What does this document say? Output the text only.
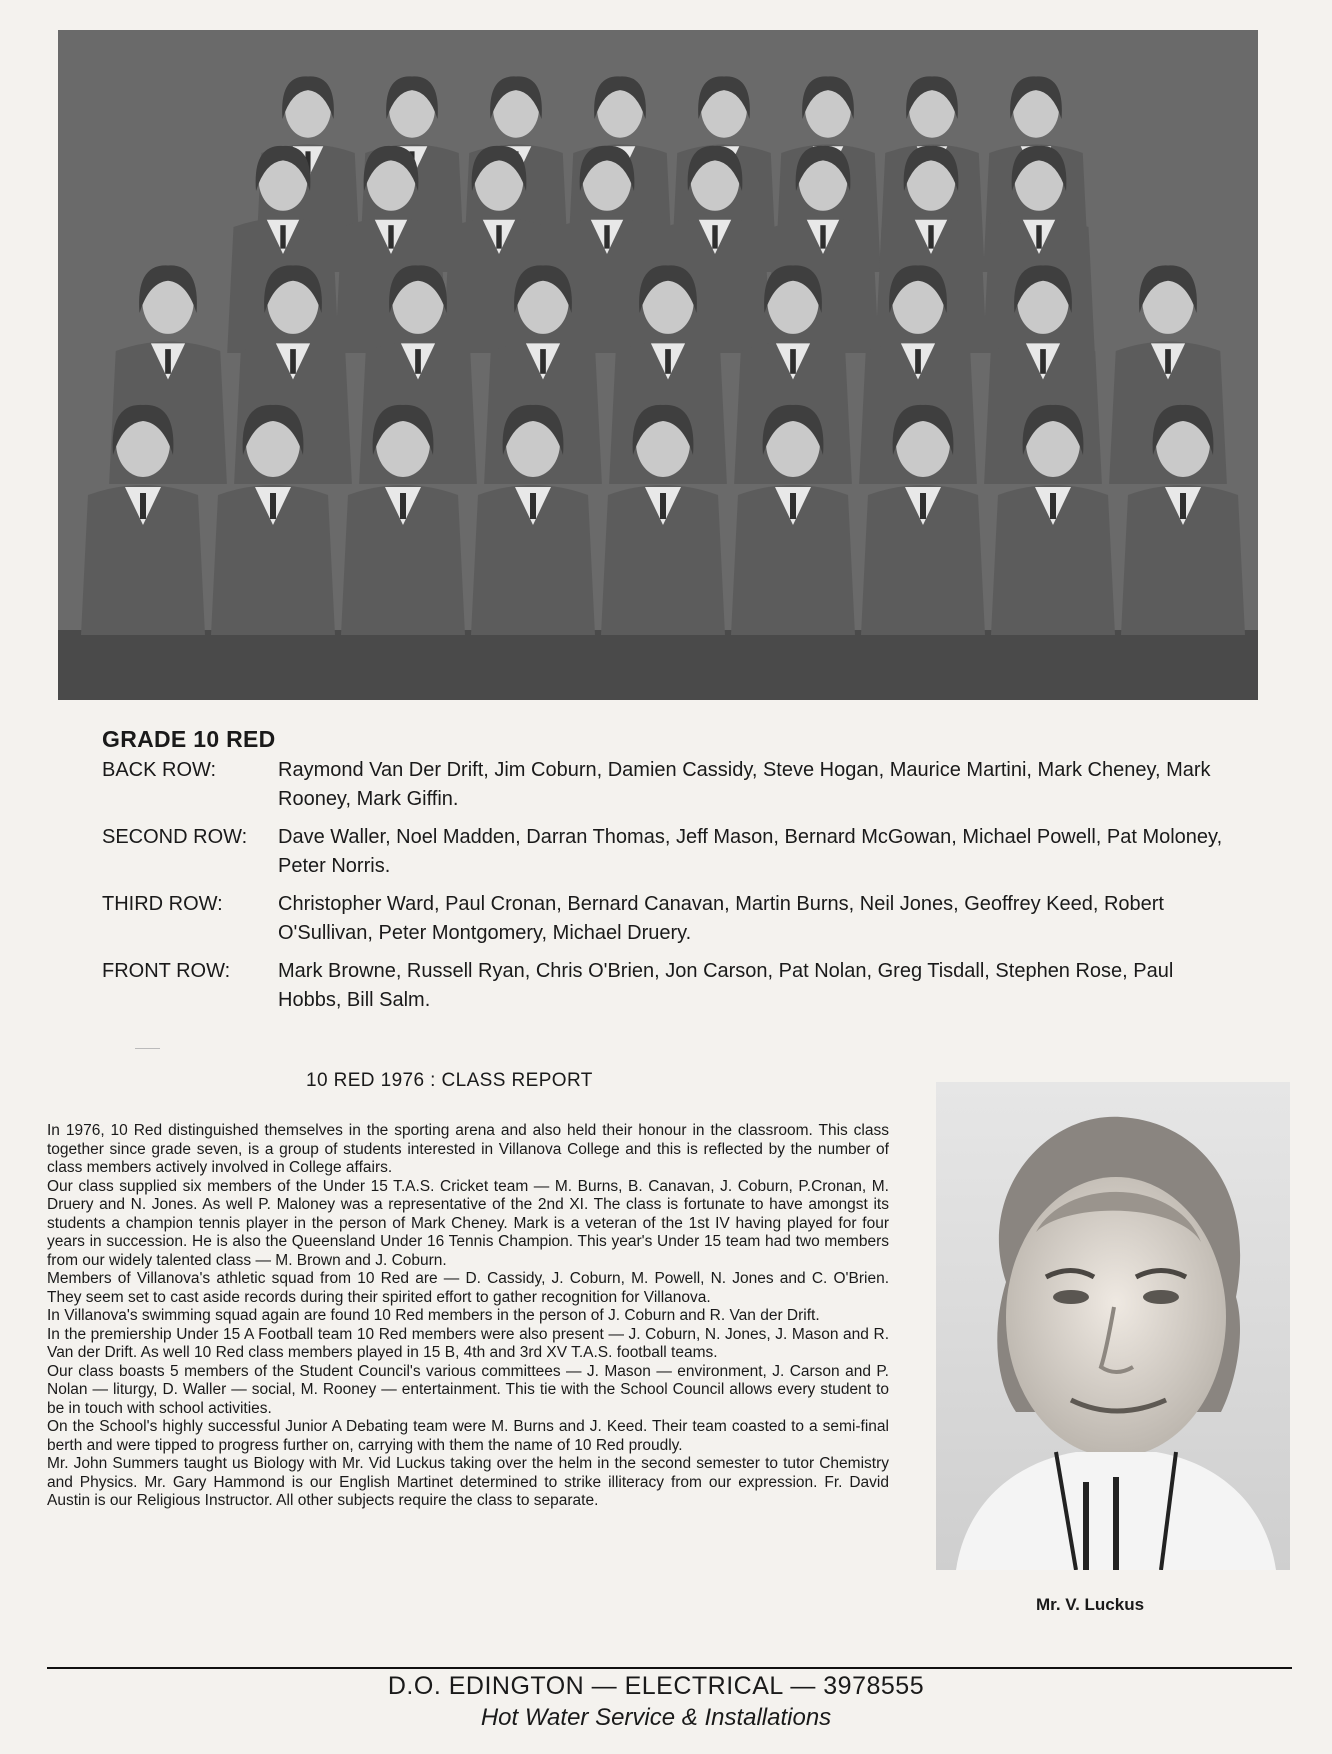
GRADE 10 RED
BACK ROW:	Raymond Van Der Drift, Jim Coburn, Damien Cassidy, Steve Hogan, Maurice Martini, Mark Cheney, Mark Rooney, Mark Giffin.
SECOND ROW:	Dave Waller, Noel Madden, Darran Thomas, Jeff Mason, Bernard McGowan, Michael Powell, Pat Moloney, Peter Norris.
THIRD ROW:	Christopher Ward, Paul Cronan, Bernard Canavan, Martin Burns, Neil Jones, Geoffrey Keed, Robert O'Sullivan, Peter Montgomery, Michael Druery.
FRONT ROW:	Mark Browne, Russell Ryan, Chris O'Brien, Jon Carson, Pat Nolan, Greg Tisdall, Stephen Rose, Paul Hobbs, Bill Salm.
10 RED 1976 : CLASS REPORT

In 1976, 10 Red distinguished themselves in the sporting arena and also held their honour in the classroom. This class together since grade seven, is a group of students interested in Villanova College and this is reflected by the number of class members actively involved in College affairs.

Our class supplied six members of the Under 15 T.A.S. Cricket team — M. Burns, B. Canavan, J. Coburn, P.Cronan, M. Druery and N. Jones. As well P. Maloney was a representative of the 2nd XI. The class is fortunate to have amongst its students a champion tennis player in the person of Mark Cheney. Mark is a veteran of the 1st IV having played for four years in succession. He is also the Queensland Under 16 Tennis Champion. This year's Under 15 team had two members from our widely talented class — M. Brown and J. Coburn.

Members of Villanova's athletic squad from 10 Red are — D. Cassidy, J. Coburn, M. Powell, N. Jones and C. O'Brien. They seem set to cast aside records during their spirited effort to gather recognition for Villanova.

In Villanova's swimming squad again are found 10 Red members in the person of J. Coburn and R. Van der Drift.

In the premiership Under 15 A Football team 10 Red members were also present — J. Coburn, N. Jones, J. Mason and R. Van der Drift. As well 10 Red class members played in 15 B, 4th and 3rd XV T.A.S. football teams.

Our class boasts 5 members of the Student Council's various committees — J. Mason — environment, J. Carson and P. Nolan — liturgy, D. Waller — social, M. Rooney — entertainment. This tie with the School Council allows every student to be in touch with school activities.

On the School's highly successful Junior A Debating team were M. Burns and J. Keed. Their team coasted to a semi-final berth and were tipped to progress further on, carrying with them the name of 10 Red proudly.

Mr. John Summers taught us Biology with Mr. Vid Luckus taking over the helm in the second semester to tutor Chemistry and Physics. Mr. Gary Hammond is our English Martinet determined to strike illiteracy from our expression. Fr. David Austin is our Religious Instructor. All other subjects require the class to separate.

Mr. V. Luckus
D.O. EDINGTON — ELECTRICAL — 3978555
Hot Water Service & Installations
